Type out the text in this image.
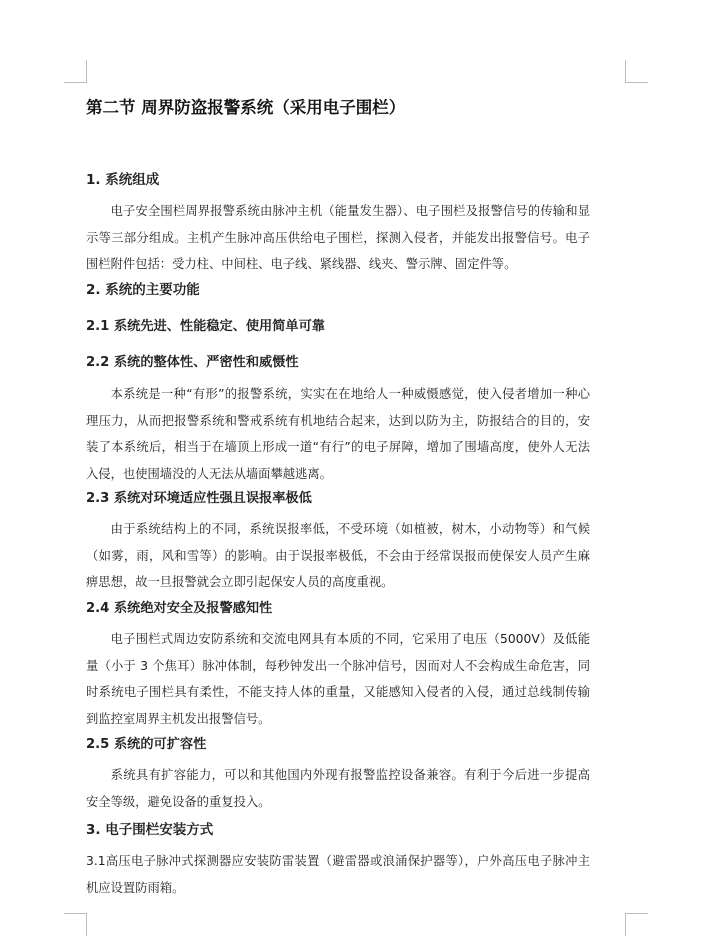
第二节 周界防盗报警系统（采用电子围栏）
1. 系统组成

电子安全围栏周界报警系统由脉冲主机（能量发生器）、电子围栏及报警信号的传输和显示等三部分组成。主机产生脉冲高压供给电子围栏，探测入侵者，并能发出报警信号。电子围栏附件包括：受力柱、中间柱、电子线、紧线器、线夹、警示牌、固定件等。

2. 系统的主要功能
2.1 系统先进、性能稳定、使用简单可靠
2.2 系统的整体性、严密性和威慑性

本系统是一种“有形”的报警系统，实实在在地给人一种威慑感觉，使入侵者增加一种心理压力，从而把报警系统和警戒系统有机地结合起来，达到以防为主，防报结合的目的，安装了本系统后，相当于在墙顶上形成一道“有行”的电子屏障，增加了围墙高度，使外人无法入侵，也使围墙没的人无法从墙面攀越逃离。

2.3 系统对环境适应性强且误报率极低

由于系统结构上的不同，系统误报率低，不受环境（如植被，树木，小动物等）和气候（如雾，雨，风和雪等）的影响。由于误报率极低，不会由于经常误报而使保安人员产生麻痹思想，故一旦报警就会立即引起保安人员的高度重视。

2.4 系统绝对安全及报警感知性

电子围栏式周边安防系统和交流电网具有本质的不同，它采用了电压（5000V）及低能量（小于 3 个焦耳）脉冲体制，每秒钟发出一个脉冲信号，因而对人不会构成生命危害，同时系统电子围栏具有柔性，不能支持人体的重量，又能感知入侵者的入侵，通过总线制传输到监控室周界主机发出报警信号。

2.5 系统的可扩容性

系统具有扩容能力，可以和其他国内外现有报警监控设备兼容。有利于今后进一步提高安全等级，避免设备的重复投入。

3. 电子围栏安装方式

3.1高压电子脉冲式探测器应安装防雷装置（避雷器或浪涌保护器等），户外高压电子脉冲主机应设置防雨箱。
